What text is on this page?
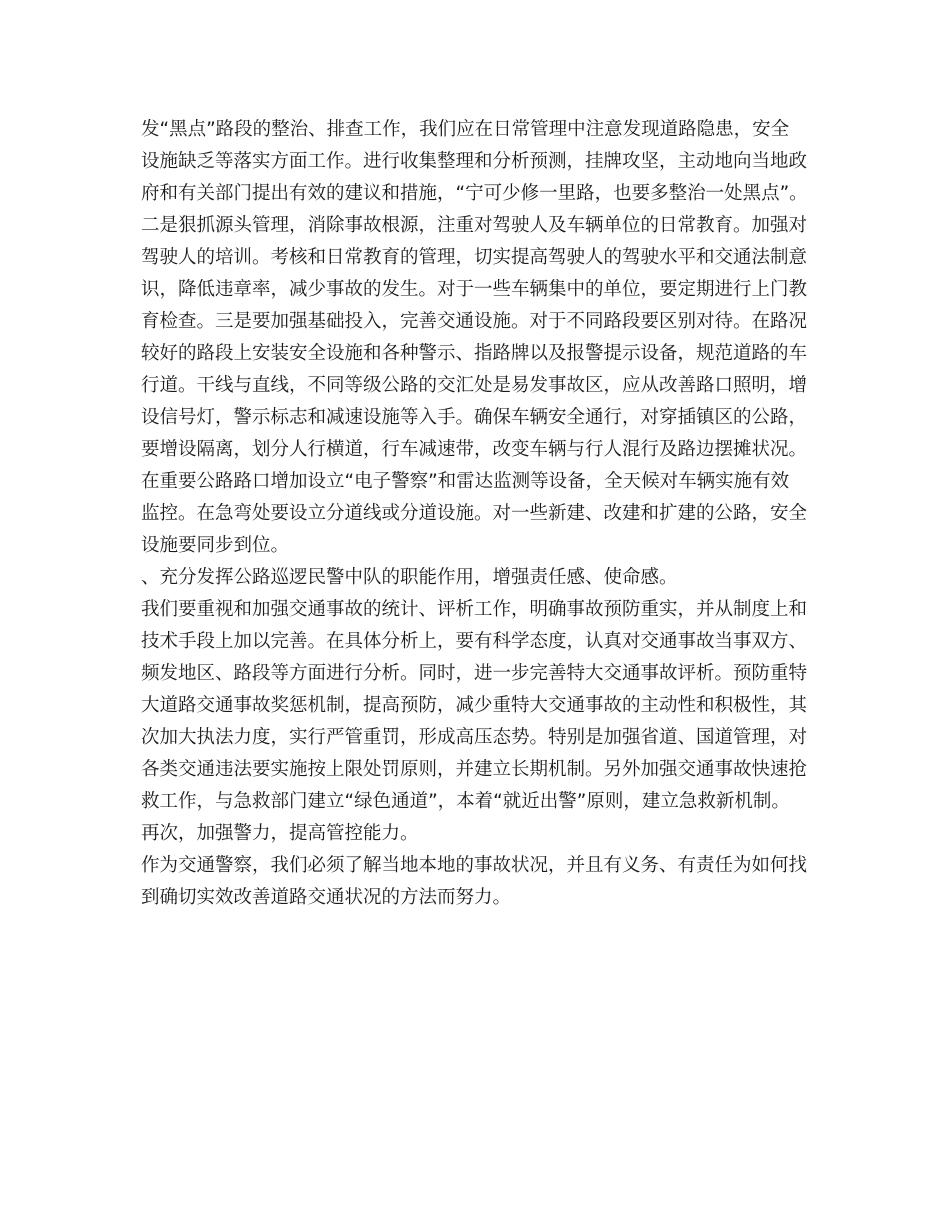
发“黑点”路段的整治、排查工作，我们应在日常管理中注意发现道路隐患，安全
设施缺乏等落实方面工作。进行收集整理和分析预测，挂牌攻坚，主动地向当地政
府和有关部门提出有效的建议和措施，“宁可少修一里路，也要多整治一处黑点”。
二是狠抓源头管理，消除事故根源，注重对驾驶人及车辆单位的日常教育。加强对
驾驶人的培训。考核和日常教育的管理，切实提高驾驶人的驾驶水平和交通法制意
识，降低违章率，减少事故的发生。对于一些车辆集中的单位，要定期进行上门教
育检查。三是要加强基础投入，完善交通设施。对于不同路段要区别对待。在路况
较好的路段上安装安全设施和各种警示、指路牌以及报警提示设备，规范道路的车
行道。干线与直线，不同等级公路的交汇处是易发事故区，应从改善路口照明，增
设信号灯，警示标志和减速设施等入手。确保车辆安全通行，对穿插镇区的公路，
要增设隔离，划分人行横道，行车减速带，改变车辆与行人混行及路边摆摊状况。
在重要公路路口增加设立“电子警察”和雷达监测等设备，全天候对车辆实施有效
监控。在急弯处要设立分道线或分道设施。对一些新建、改建和扩建的公路，安全
设施要同步到位。
、充分发挥公路巡逻民警中队的职能作用，增强责任感、使命感。
我们要重视和加强交通事故的统计、评析工作，明确事故预防重实，并从制度上和
技术手段上加以完善。在具体分析上，要有科学态度，认真对交通事故当事双方、
频发地区、路段等方面进行分析。同时，进一步完善特大交通事故评析。预防重特
大道路交通事故奖惩机制，提高预防，减少重特大交通事故的主动性和积极性，其
次加大执法力度，实行严管重罚，形成高压态势。特别是加强省道、国道管理，对
各类交通违法要实施按上限处罚原则，并建立长期机制。另外加强交通事故快速抢
救工作，与急救部门建立“绿色通道”，本着“就近出警”原则，建立急救新机制。
再次，加强警力，提高管控能力。
作为交通警察，我们必须了解当地本地的事故状况，并且有义务、有责任为如何找
到确切实效改善道路交通状况的方法而努力。
